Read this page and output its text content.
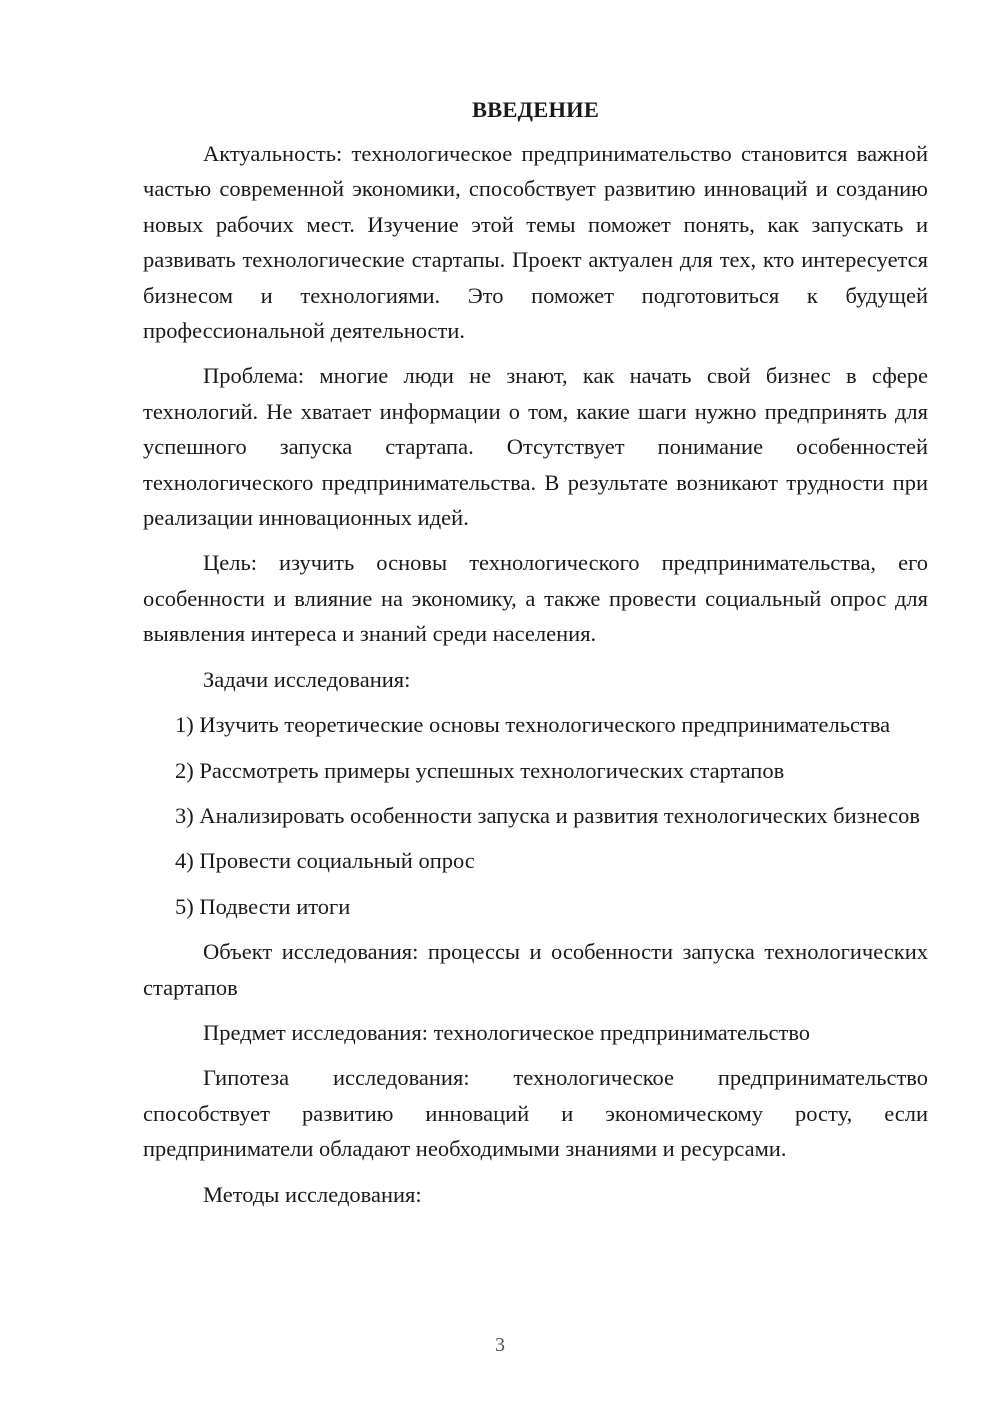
ВВЕДЕНИЕ

Актуальность: технологическое предпринимательство становится важной частью современной экономики, способствует развитию инноваций и созданию новых рабочих мест. Изучение этой темы поможет понять, как запускать и развивать технологические стартапы. Проект актуален для тех, кто интересуется бизнесом и технологиями. Это поможет подготовиться к будущей профессиональной деятельности.

Проблема: многие люди не знают, как начать свой бизнес в сфере технологий. Не хватает информации о том, какие шаги нужно предпринять для успешного запуска стартапа. Отсутствует понимание особенностей технологического предпринимательства. В результате возникают трудности при реализации инновационных идей.

Цель: изучить основы технологического предпринимательства, его особенности и влияние на экономику, а также провести социальный опрос для выявления интереса и знаний среди населения.

Задачи исследования:

1) Изучить теоретические основы технологического предпринимательства

2) Рассмотреть примеры успешных технологических стартапов

3) Анализировать особенности запуска и развития технологических бизнесов

4) Провести социальный опрос

5) Подвести итоги

Объект исследования: процессы и особенности запуска технологических стартапов

Предмет исследования: технологическое предпринимательство

Гипотеза исследования: технологическое предпринимательство способствует развитию инноваций и экономическому росту, если предприниматели обладают необходимыми знаниями и ресурсами.

Методы исследования:

3
